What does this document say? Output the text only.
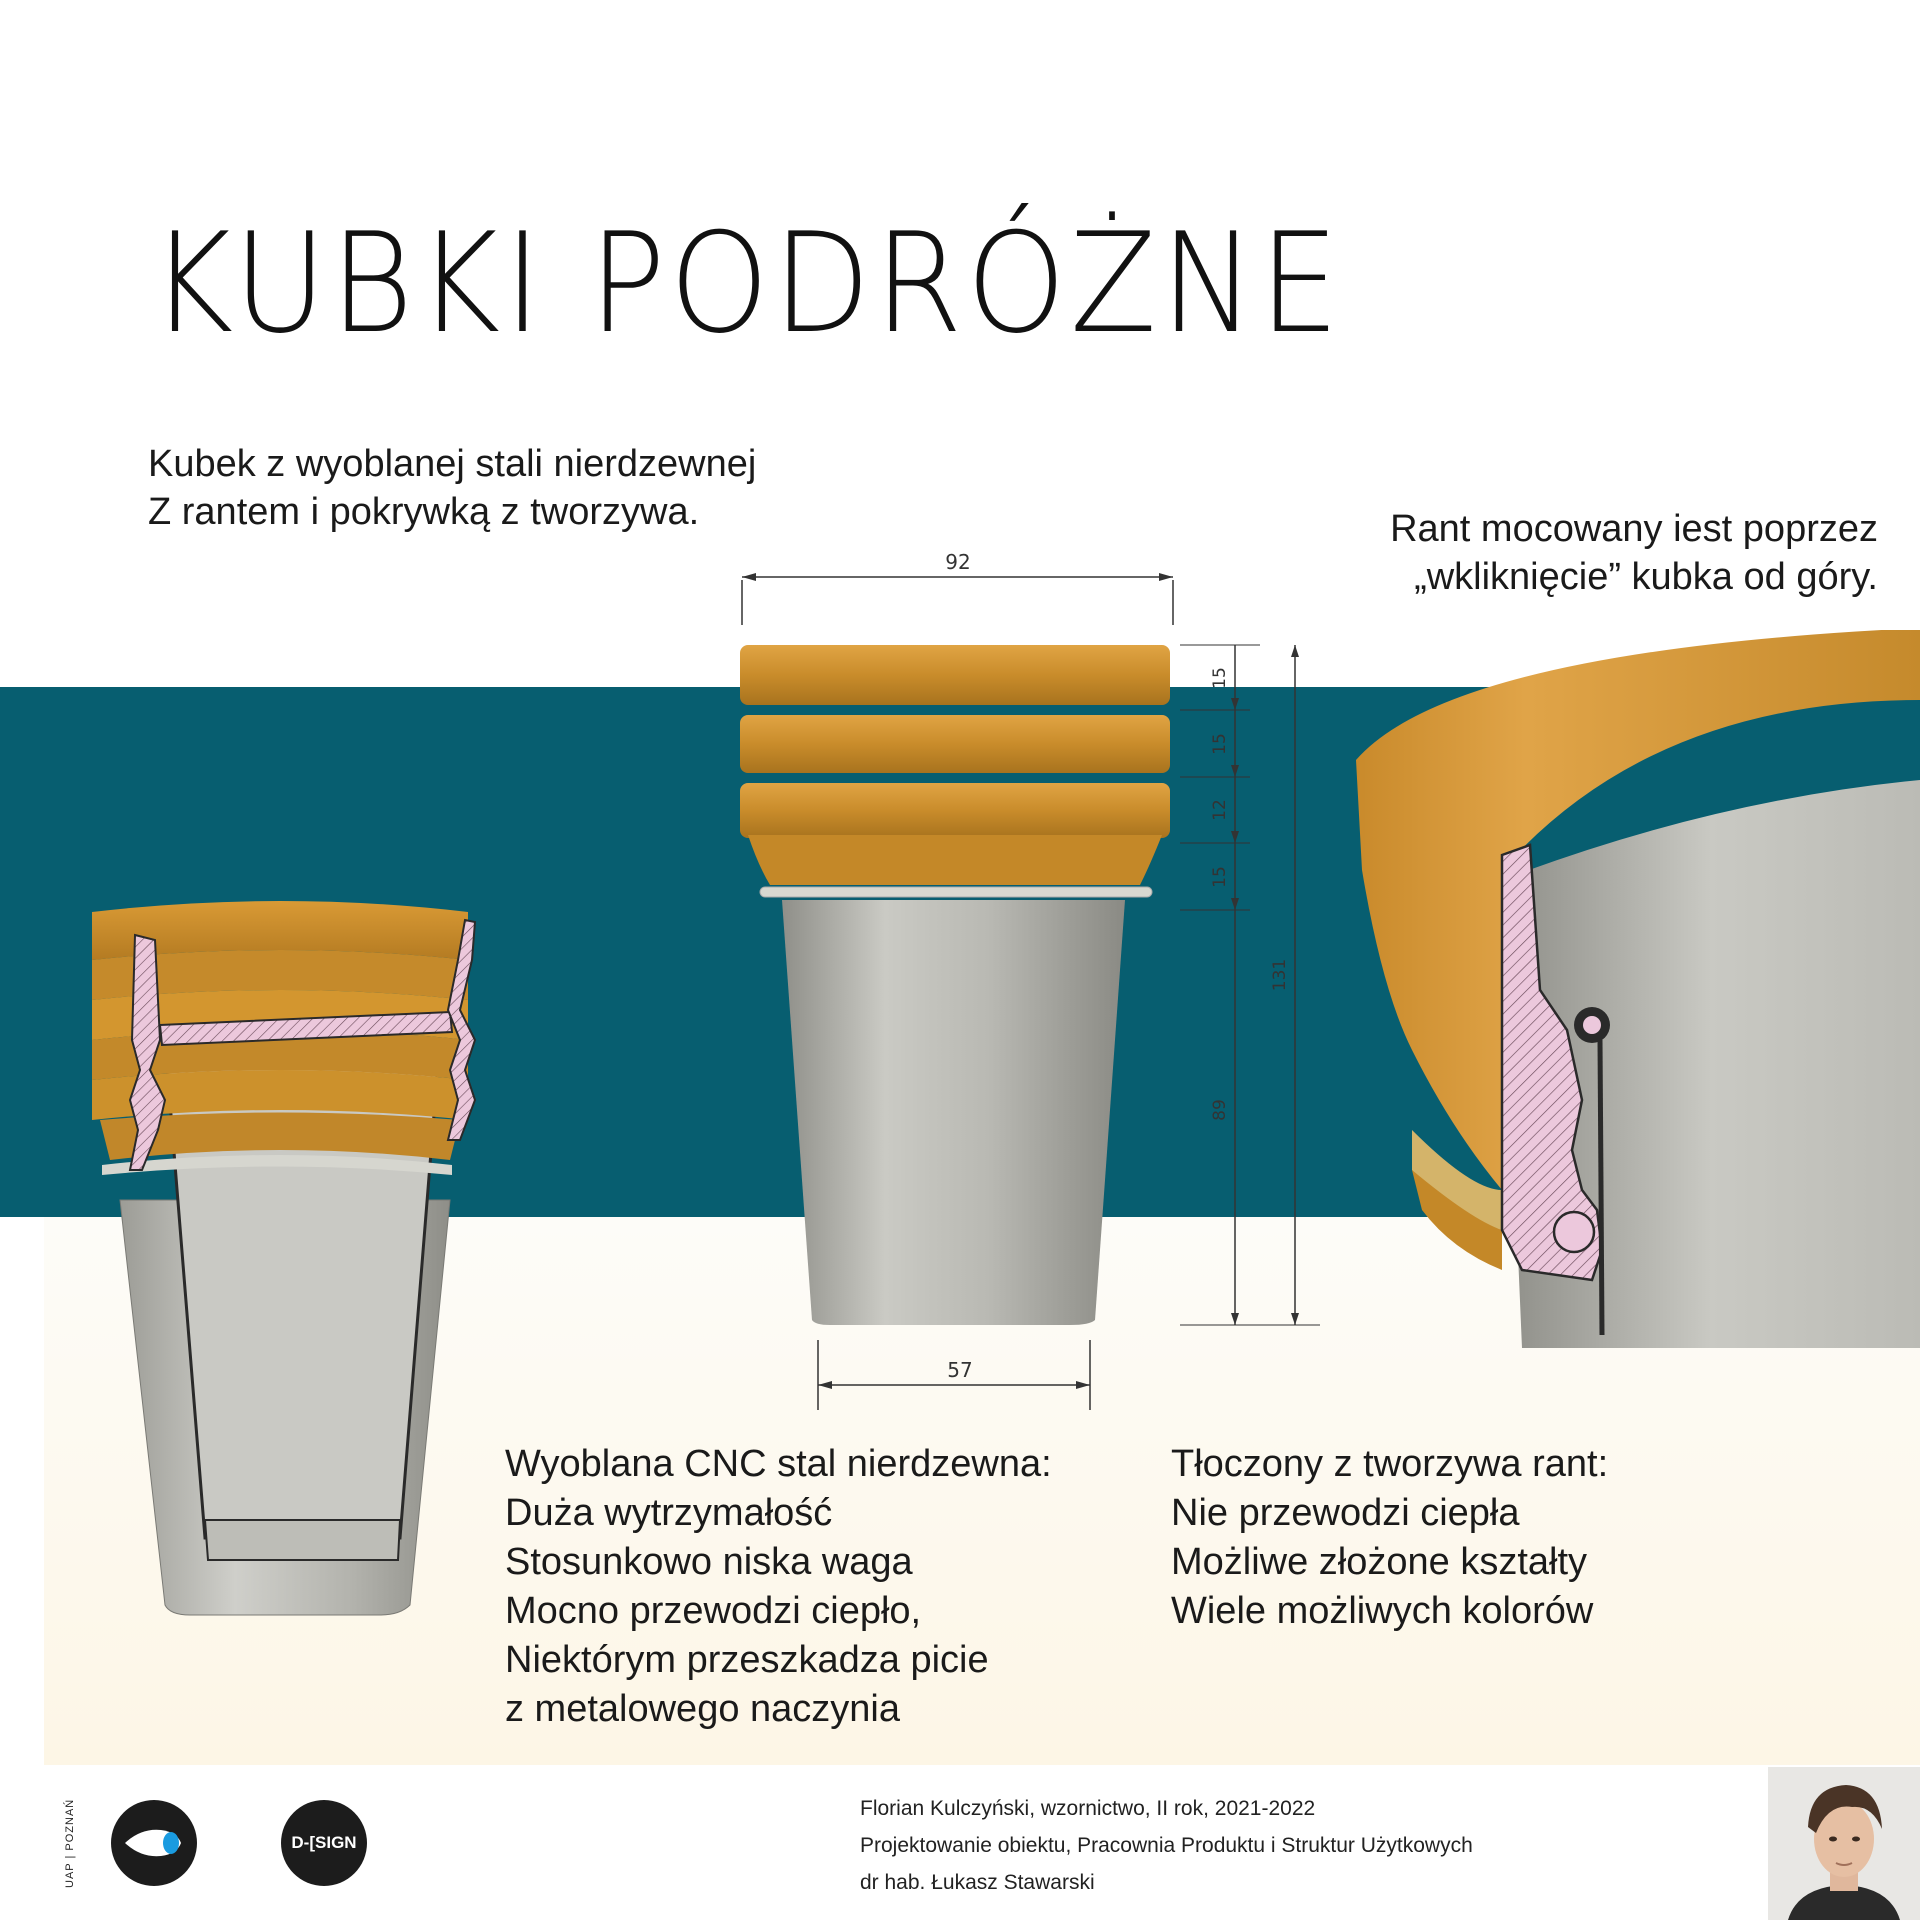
KUBKI PODRÓŻNE
Kubek z wyoblanej stali nierdzewnej
Z rantem i pokrywką z tworzywa.	Rant mocowany iest poprzez
„wkliknięcie” kubka od góry.
92
57
15
15
12
15
89
131
Wyoblana CNC stal nierdzewna:
Duża wytrzymałość
Stosunkowo niska waga
Mocno przewodzi ciepło,
Niektórym przeszkadza picie
z metalowego naczynia
Tłoczony z tworzywa rant:
Nie przewodzi ciepła
Możliwe złożone kształty
Wiele możliwych kolorów
UAP | POZNAŃ	D-[SIGN
Florian Kulczyński, wzornictwo, II rok, 2021-2022
Projektowanie obiektu, Pracownia Produktu i Struktur Użytkowych
dr hab. Łukasz Stawarski
